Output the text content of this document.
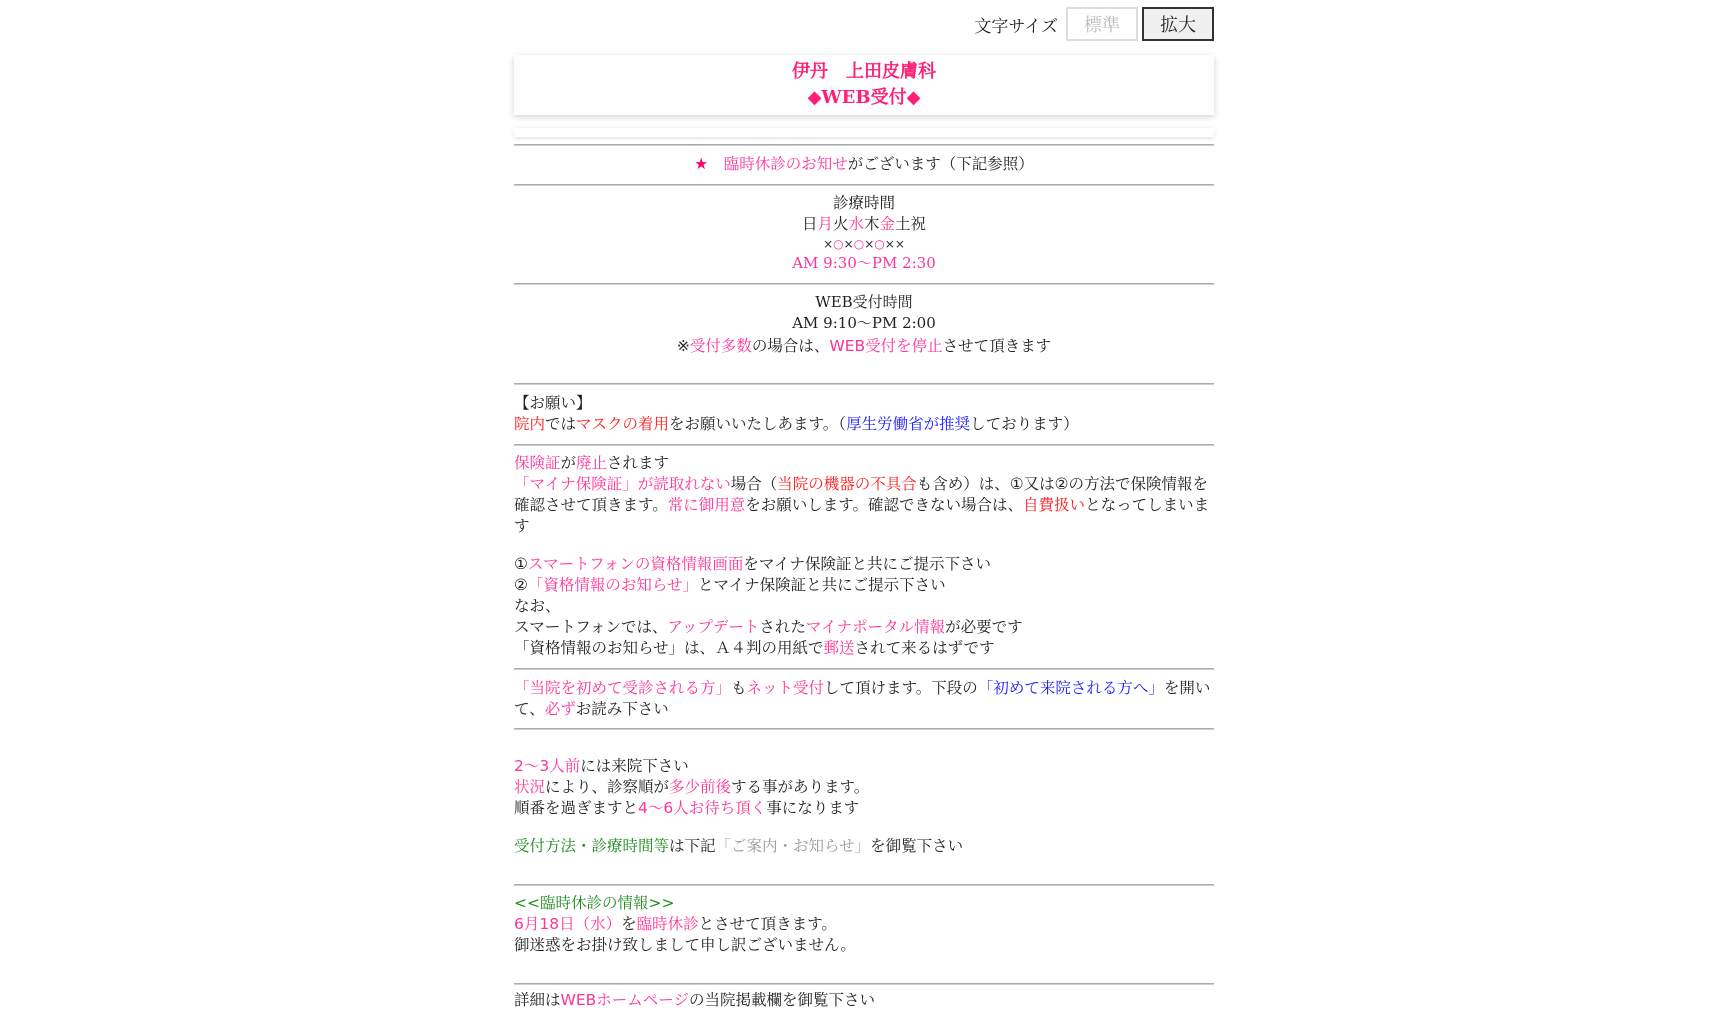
文字サイズ	標準	拡大
伊丹　上田皮膚科
◆WEB受付◆
★　臨時休診のお知せがございます（下記参照）
診療時間
日月火水木金土祝
×○×○×○××
AM 9:30～PM 2:30
WEB受付時間
AM 9:10～PM 2:00
※受付多数の場合は、WEB受付を停止させて頂きます
【お願い】
院内ではマスクの着用をお願いいたしあます。（厚生労働省が推奨しております）
保険証が廃止されます
「マイナ保険証」が読取れない場合（当院の機器の不具合も含め）は、①又は②の方法で保険情報を確認させて頂きます。常に御用意をお願いします。確認できない場合は、自費扱いとなってしまいます
①スマートフォンの資格情報画面をマイナ保険証と共にご提示下さい
②「資格情報のお知らせ」とマイナ保険証と共にご提示下さい
なお、
スマートフォンでは、アップデートされたマイナポータル情報が必要です
「資格情報のお知らせ」は、Ａ４判の用紙で郵送されて来るはずです
「当院を初めて受診される方」もネット受付して頂けます。下段の「初めて来院される方へ」を開いて、必ずお読み下さい
2～3人前には来院下さい
状況により、診察順が多少前後する事があります。
順番を過ぎますと4～6人お待ち頂く事になります
受付方法・診療時間等は下記「ご案内・お知らせ」を御覧下さい
<<臨時休診の情報>>
6月18日（水）を臨時休診とさせて頂きます。
御迷惑をお掛け致しまして申し訳ございません。
詳細はWEBホームページの当院掲載欄を御覧下さい
